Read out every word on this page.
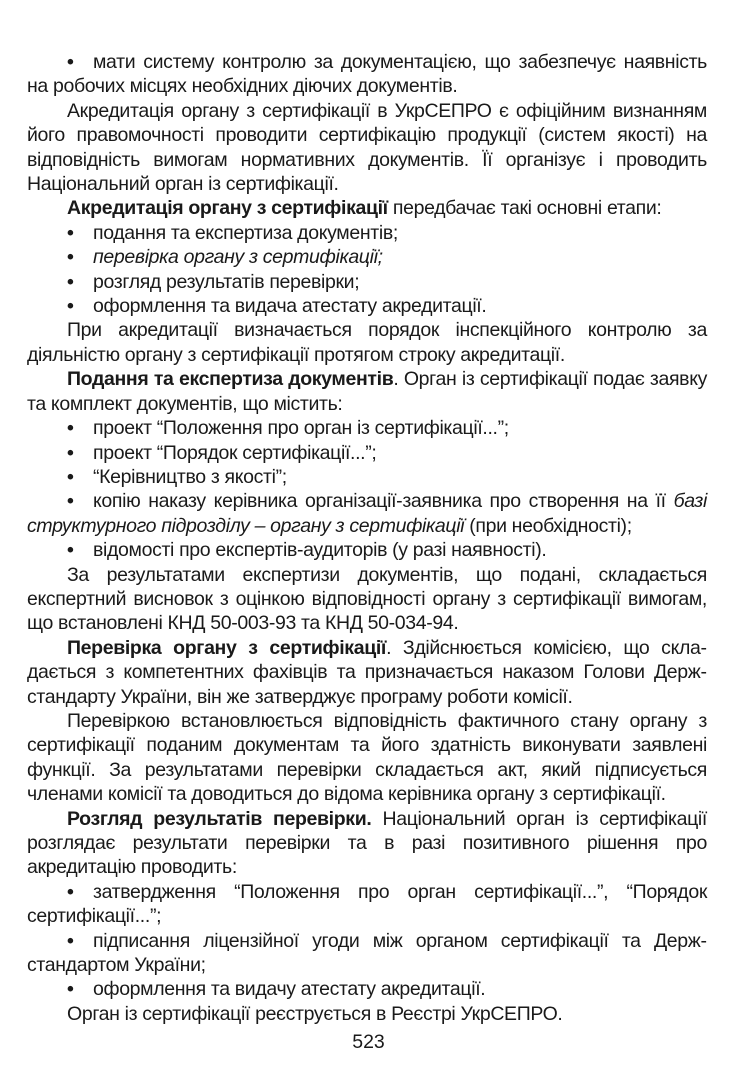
• мати систему контролю за документацією, що забезпечує наявність на робочих місцях необхідних діючих документів.

Акредитація органу з сертифікації в УкрСЕПРО є офіційним визнанням його правомочності проводити сертифікацію продукції (систем якості) на відповідність вимогам нормативних документів. Її організує і проводить Національний орган із сертифікації.

Акредитація органу з сертифікації передбачає такі основні етапи:

• подання та експертиза документів;

• перевірка органу з сертифікації;

• розгляд результатів перевірки;

• оформлення та видача атестату акредитації.

При акредитації визначається порядок інспекційного контролю за діяльністю органу з сертифікації протягом строку акредитації.

Подання та експертиза документів. Орган із сертифікації подає заявку та комплект документів, що містить:

• проект “Положення про орган із сертифікації...”;

• проект “Порядок сертифікації...”;

• “Керівництво з якості”;

• копію наказу керівника організації-заявника про створення на її базі структурного підрозділу – органу з сертифікації (при необхідності);

• відомості про експертів-аудиторів (у разі наявності).

За результатами експертизи документів, що подані, складається експертний висновок з оцінкою відповідності органу з сертифікації вимогам, що встановлені КНД 50-003-93 та КНД 50-034-94.

Перевірка органу з сертифікації. Здійснюється комісією, що складається з компетентних фахівців та призначається наказом Голови Держстандарту України, він же затверджує програму роботи комісії.

Перевіркою встановлюється відповідність фактичного стану органу з сертифікації поданим документам та його здатність виконувати заявлені функції. За результатами перевірки складається акт, який підписується членами комісії та доводиться до відома керівника органу з сертифікації.

Розгляд результатів перевірки. Національний орган із сертифікації розглядає результати перевірки та в разі позитивного рішення про акредитацію проводить:

• затвердження “Положення про орган сертифікації...”, “Порядок сертифікації...”;

• підписання ліцензійної угоди між органом сертифікації та Держстандартом України;

• оформлення та видачу атестату акредитації.

Орган із сертифікації реєструється в Реєстрі УкрСЕПРО.

523
